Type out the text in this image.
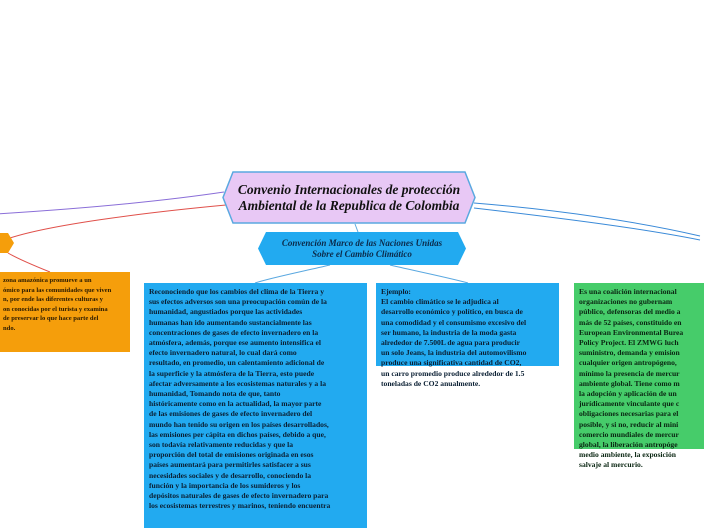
Convenio Internacionales de protección
Ambiental de la Republica de Colombia
Convención Marco de las Naciones Unidas
Sobre el Cambio Climático
zona amazónica promueve a un
ómico para las comunidades que viven
n, por ende las diferentes culturas y
on conocidas por el turista y examina
de preservar lo que hace parte del
ndo.
Reconociendo que los cambios del clima de la Tierra y
sus efectos adversos son una preocupación común de la
humanidad, angustiados porque las actividades
humanas han ido aumentando sustancialmente las
concentraciones de gases de efecto invernadero en la
atmósfera, además, porque ese aumento intensifica el
efecto invernadero natural, lo cual dará como
resultado, en promedio, un calentamiento adicional de
la superficie y la atmósfera de la Tierra, esto puede
afectar adversamente a los ecosistemas naturales y a la
humanidad, Tomando nota de que, tanto
históricamente como en la actualidad, la mayor parte
de las emisiones de gases de efecto invernadero del
mundo han tenido su origen en los países desarrollados,
las emisiones per cápita en dichos países, debido a que,
son todavía relativamente reducidas y que la
proporción del total de emisiones originada en esos
países aumentará para permitirles satisfacer a sus
necesidades sociales y de desarrollo, conociendo la
función y la importancia de los sumideros y los
depósitos naturales de gases de efecto invernadero para
los ecosistemas terrestres y marinos, teniendo encuentra
Ejemplo:
El cambio climático se le adjudica al
desarrollo económico y político, en busca de
una comodidad y el consumismo excesivo del
ser humano, la industria de la moda gasta
alrededor de 7.500L de agua para producir
un solo Jeans, la industria del automovilismo
produce una significativa cantidad de CO2,
un carro promedio produce alrededor de 1.5
toneladas de CO2 anualmente.
Es una coalición internacional
organizaciones no gubernam
público, defensoras del medio a
más de 52 países, constituido en
European Environmental Burea
Policy Project. El ZMWG luch
suministro, demanda y emision
cualquier origen antropógeno,
mínimo la presencia de mercur
ambiente global. Tiene como m
la adopción y aplicación de un
jurídicamente vinculante que c
obligaciones necesarias para el
posible, y si no, reducir al mini
comercio mundiales de mercur
global, la liberación antropóge
medio ambiente, la exposición
salvaje al mercurio.
